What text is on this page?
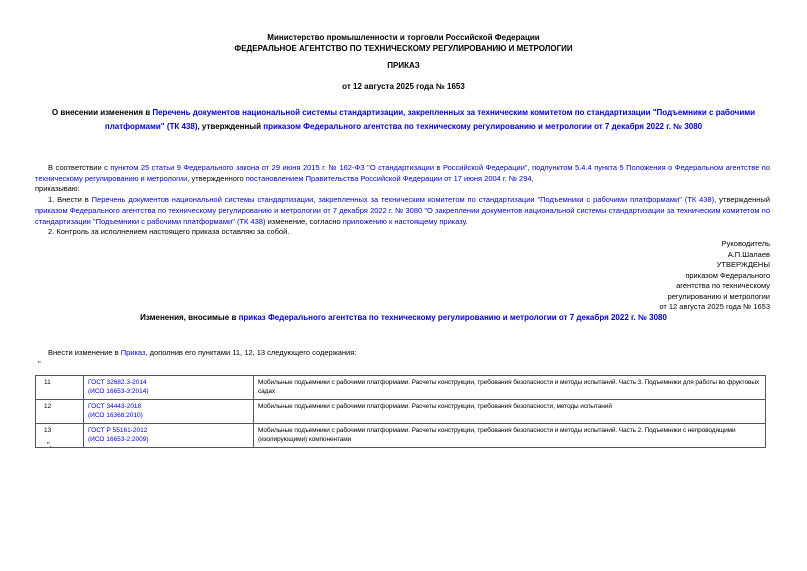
Министерство промышленности и торговли Российской Федерации
ФЕДЕРАЛЬНОЕ АГЕНТСТВО ПО ТЕХНИЧЕСКОМУ РЕГУЛИРОВАНИЮ И МЕТРОЛОГИИ
ПРИКАЗ
от 12 августа 2025 года № 1653
О внесении изменения в Перечень документов национальной системы стандартизации, закрепленных за техническим комитетом по стандартизации "Подъемники с рабочими платформами" (ТК 438), утвержденный приказом Федерального агентства по техническому регулированию и метрологии от 7 декабря 2022 г. № 3080

В соответствии с пунктом 25 статьи 9 Федерального закона от 29 июня 2015 г. № 162-ФЗ "О стандартизации в Российской Федерации", подпунктом 5.4.4 пункта 5 Положения о Федеральном агентстве по техническому регулированию и метрологии, утвержденного постановлением Правительства Российской Федерации от 17 июня 2004 г. № 294,

приказываю:

1. Внести в Перечень документов национальной системы стандартизации, закрепленных за техническим комитетом по стандартизации "Подъемники с рабочими платформами" (ТК 438), утвержденный приказом Федерального агентства по техническому регулированию и метрологии от 7 декабря 2022 г. № 3080 "О закреплении документов национальной системы стандартизации за техническим комитетом по стандартизации "Подъемники с рабочими платформами" (ТК 438) изменение, согласно приложению к настоящему приказу.

2. Контроль за исполнением настоящего приказа оставляю за собой.

Руководитель
А.П.Шалаев
УТВЕРЖДЕНЫ
приказом Федерального
агентства по техническому
регулированию и метрологии
от 12 августа 2025 года № 1653
Изменения, вносимые в приказ Федерального агентства по техническому регулированию и метрологии от 7 декабря 2022 г. № 3080
Внести изменение в Приказ, дополнив его пунктами 11, 12, 13 следующего содержания:
"
11	ГОСТ 32682.3-2014
(ИСО 16653-3:2014)	Мобильные подъемники с рабочими платформами. Расчеты конструкции, требования безопасности и методы испытаний. Часть 3. Подъемники для работы во фруктовых садах
12	ГОСТ 34443-2018
(ИСО 16368:2010)	Мобильные подъемники с рабочими платформами. Расчеты конструкции, требования безопасности, методы испытаний
13	ГОСТ Р 55161-2012
(ИСО 16653-2:2009)	Мобильные подъемники с рабочими платформами. Расчеты конструкции, требования безопасности и методы испытаний. Часть 2. Подъемники с непроводящими (изолирующими) компонентами
".
